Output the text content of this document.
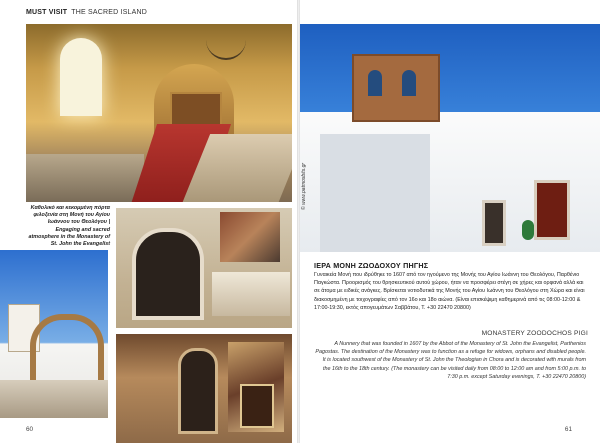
MUST VISIT THE SACRED ISLAND
Καθολικό και κεκομμένη πόρτα φιλοξενία στη Μονή του Αγίου Ιωάννου του Θεολόγου | Engaging and sacred atmosphere in the Monastery of St. John the Evangelist
60
© www.patmosbits.gr
ΙΕΡΑ ΜΟΝΗ ΖΩΟΔΟΧΟΥ ΠΗΓΗΣ
Γυναικεία Μονή που ιδρύθηκε το 1607 από τον ηγούμενο της Μονής του Αγίου Ιωάννη του Θεολόγου, Παρθένιο Παγκώστα. Προορισμός του θρησκευτικού αυτού χώρου, ήταν να προσφέρει στέγη σε χήρες και ορφανά αλλά και σε άτομα με ειδικές ανάγκες. Βρίσκεται νοτιοδυτικά της Μονής του Αγίου Ιωάννη του Θεολόγου στη Χώρα και είναι διακοσμημένη με τοιχογραφίες από τον 16ο και 18ο αιώνα. (Είναι επισκέψιμη καθημερινά από τις 08:00-12:00 & 17:00-19:30, εκτός απογευμάτων Σαββάτου, Τ. +30 22470 20800)
MONASTERY ZOODOCHOS PIGI
A Nunnery that was founded in 1607 by the Abbot of the Monastery of St. John the Evangelist, Parthenios Pagostas. The destination of the Monastery was to function as a refuge for widows, orphans and disabled people. It is located southwest of the Monastery of St. John the Theologian in Chora and is decorated with murals from the 16th to the 18th century. (The monastery can be visited daily from 08:00 to 12:00 am and from 5:00 p.m. to 7:30 p.m. except Saturday evenings, T. +30 22470 20800)
61
